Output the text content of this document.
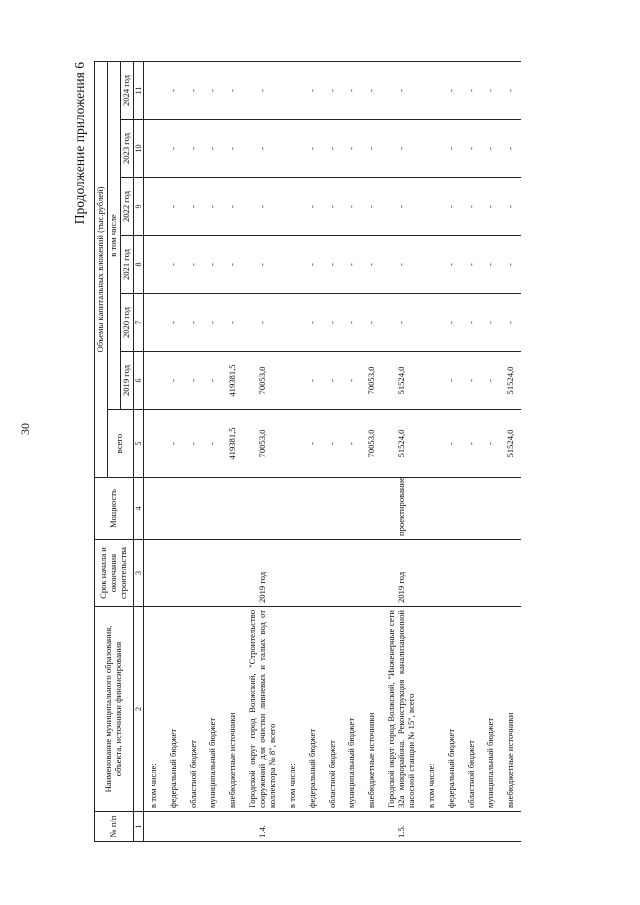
30
Продолжение приложения 6
№ п/п	Наименование муниципального образования, объекта, источники финансирования	Срок начала и окончания строительства	Мощность	Объемы капитальных вложений (тыс.рублей)						
				всего	в том числе					
					2019 год	2020 год	2021 год	2022 год	2023 год	2024 год
1	2	3	4	5	6	7	8	9	10	11
	в том числе:									
	федеральный бюджет			-	-	-	-	-	-	-
	областной бюджет			-	-	-	-	-	-	-
	муниципальный бюджет			-	-	-	-	-	-	-
	внебюджетные источники			419381,5	419381,5	-	-	-	-	-
1.4.	Городской округ город Волжский, "Строительство сооружений для очистки ливневых и талых вод от коллектора № 8", всего	2019 год		70053,0	70053,0	-	-	-	-	-
	в том числе:									
	федеральный бюджет			-	-	-	-	-	-	-
	областной бюджет			-	-	-	-	-	-	-
	муниципальный бюджет			-	-	-	-	-	-	-
	внебюджетные источники			70053,0	70053,0	-	-	-	-	-
1.5.	Городской округ город Волжский, "Инженерные сети 32а микрорайона. Реконструкция канализационной насосной станции № 15", всего	2019 год	проектирование	51524,0	51524,0	-	-	-	-	-
	в том числе:									
	федеральный бюджет			-	-	-	-	-	-	-
	областной бюджет			-	-	-	-	-	-	-
	муниципальный бюджет			-	-	-	-	-	-	-
	внебюджетные источники			51524,0	51524,0	-	-	-	-	-
